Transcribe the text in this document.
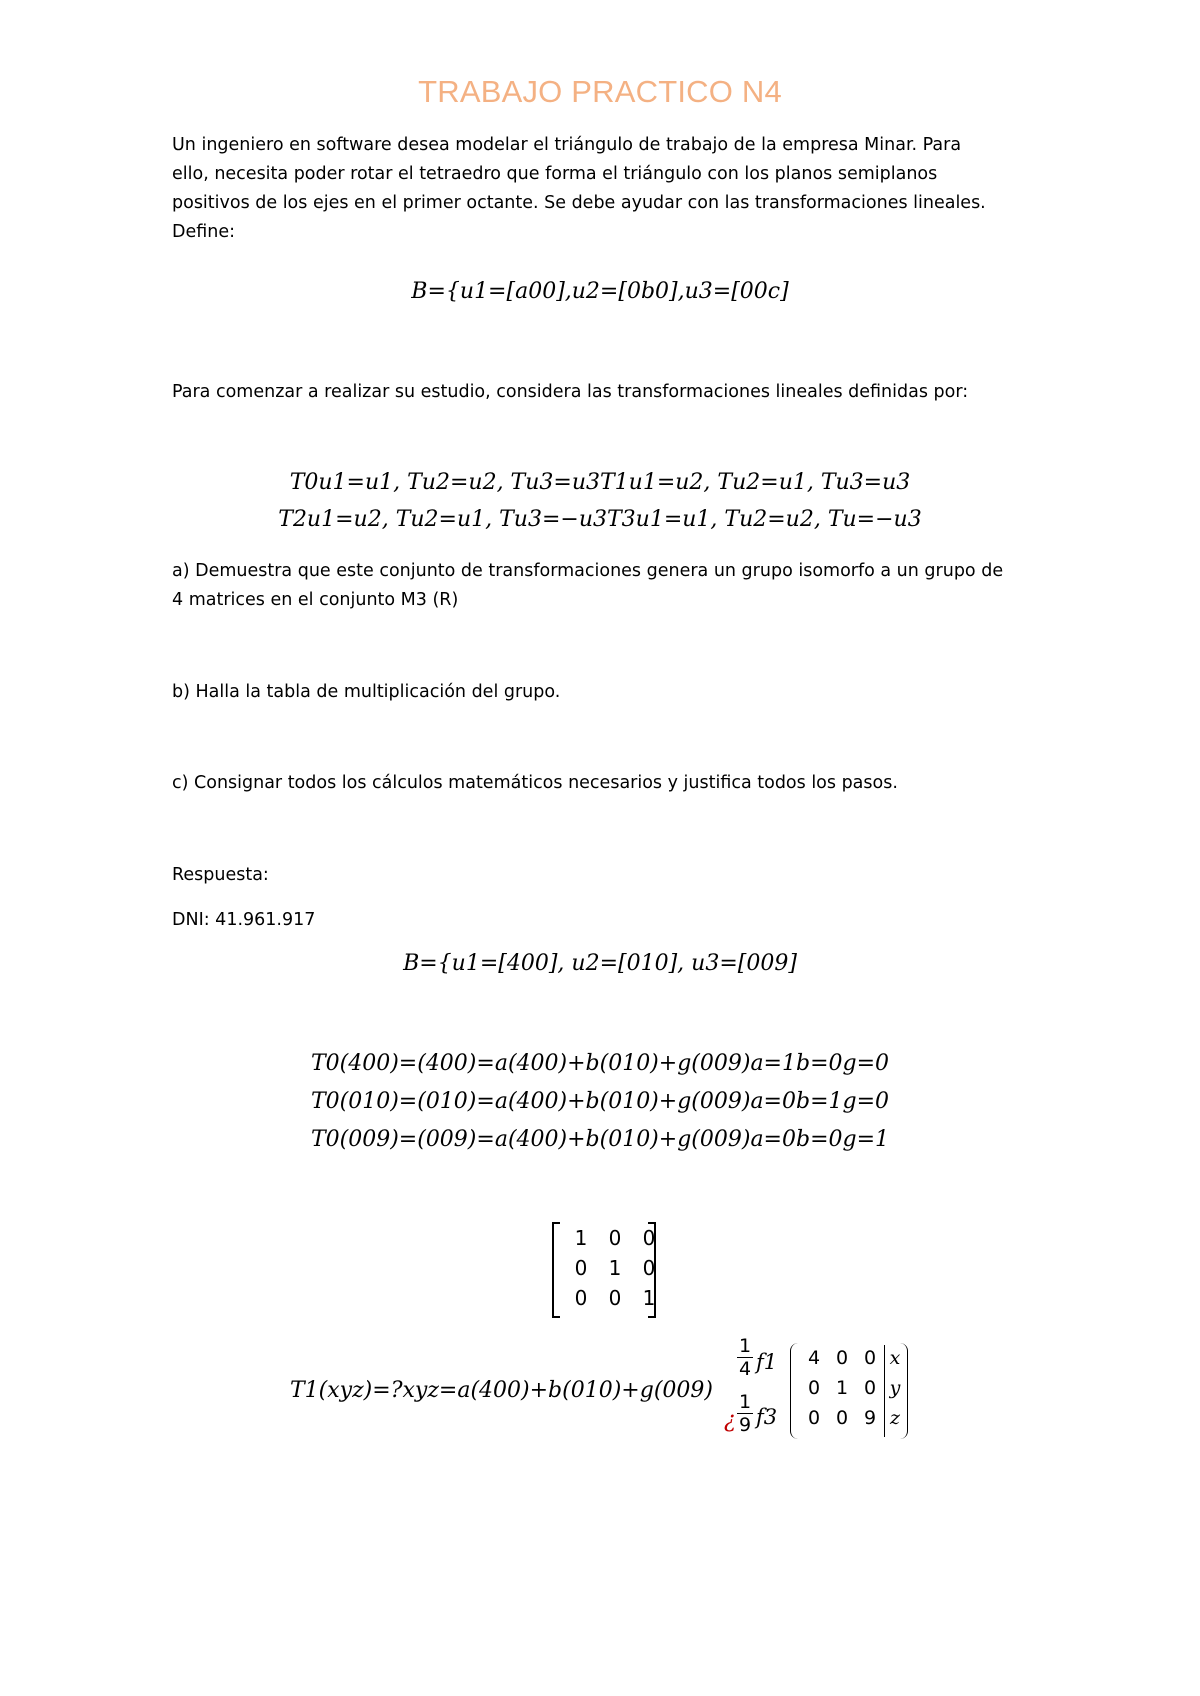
TRABAJO PRACTICO N4
Un ingeniero en software desea modelar el triángulo de trabajo de la empresa Minar. Para
ello, necesita poder rotar el tetraedro que forma el triángulo con los planos semiplanos
positivos de los ejes en el primer octante. Se debe ayudar con las transformaciones lineales.
Define:
B={u1=[a00],u2=[0b0],u3=[00c]
Para comenzar a realizar su estudio, considera las transformaciones lineales definidas por:
T0u1=u1, Tu2=u2, Tu3=u3T1u1=u2, Tu2=u1, Tu3=u3
T2u1=u2, Tu2=u1, Tu3=−u3T3u1=u1, Tu2=u2, Tu=−u3
a) Demuestra que este conjunto de transformaciones genera un grupo isomorfo a un grupo de
4 matrices en el conjunto M3 (R)
b) Halla la tabla de multiplicación del grupo.
c) Consignar todos los cálculos matemáticos necesarios y justifica todos los pasos.
Respuesta:
DNI: 41.961.917
B={u1=[400], u2=[010], u3=[009]
T0(400)=(400)=a(400)+b(010)+g(009)a=1b=0g=0
T0(010)=(010)=a(400)+b(010)+g(009)a=0b=1g=0
T0(009)=(009)=a(400)+b(010)+g(009)a=0b=0g=1
1	0	0
0	1	0
0	0	1
T1(xyz)=?xyz=a(400)+b(010)+g(009)
1
4 f1
¿
1
9 f3
4 0 0 x
0 1 0 y
0 0 9 z
